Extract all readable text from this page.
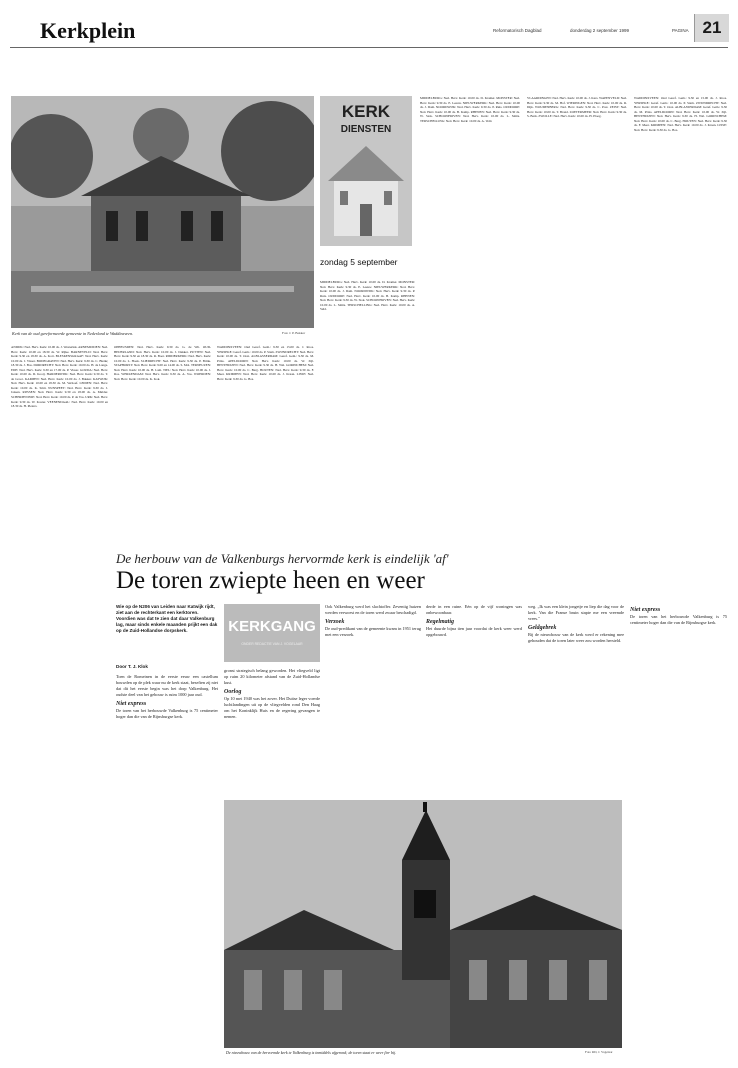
Kerkplein	Reformatorisch Dagblad	donderdag 2 september 1999	PAGINA 21
Kerk van de oud gereformeerde gemeente in Nederland te Waddinxveen.	Foto J. P. Bakker
KERK
DIENSTEN
zondag 5 september
MIDDELBURG: Ned. Herv. Kerk: 10.00 ds. D. Kramer. MONSTER: Ned. Herv. Kerk: 9.30 ds. E. Leeuw. NIEUWERKERK: Ned. Herv. Kerk: 10.00 ds. J. Dam. NOORDWIJK: Ned. Herv. Kerk: 9.30 ds. P. Ruis. OUDDORP: Ned. Herv. Kerk: 10.00 ds. B. Kamp. RHENEN: Ned. Herv. Kerk: 9.30 ds. W. Stok. SCHOONHOVEN: Ned. Herv. Kerk: 10.00 ds. L. Smits. TERSCHELLING: Ned. Herv. Kerk: 10.00 ds. A. Veld.
VLAARDINGEN: Ned. Herv. Kerk: 10.00 ds. J. Kers. WAPENVELD: Ned. Herv. Kerk: 9.30 ds. M. Hof. WIERINGEN: Ned. Herv. Kerk: 10.00 ds. R. Dijk. WOUDENBERG: Ned. Herv. Kerk: 9.30 ds. C. Post. ZEIST: Ned. Herv. Kerk: 10.00 ds. T. Brand. ZOETERMEER: Ned. Herv. Kerk: 9.30 ds. S. Berk. ZWOLLE: Ned. Herv. Kerk: 10.00 ds. H. Ploeg.
WADDINXVEEN: Oud Geref. Gem.: 9.30 en 15.00 ds. J. Roos. YERSEKE: Geref. Gem.: 10.00 ds. P. Stam. ZWIJNDRECHT: Ned. Herv. Kerk: 10.00 ds. T. Oost. ALBLASSERDAM: Geref. Gem.: 9.30 ds. M. Prins. APELDOORN: Ned. Herv. Kerk: 10.00 ds. W. Zijl. BENTHUIZEN: Ned. Herv. Kerk: 9.30 ds. H. Wal. GORINCHEM: Ned. Herv. Kerk: 10.00 ds. C. Berg. HOUTEN: Ned. Herv. Kerk: 9.30 ds. F. Meer. KRIMPEN: Ned. Herv. Kerk: 10.00 ds. J. Kraan. LISSE: Ned. Herv. Kerk: 9.30 ds. G. Bos.
ANDIJK: Ned. Herv. Kerk: 10.00 ds. J. Westerink. ARNEMUIDEN: Ned. Herv. Kerk: 10.00 en 18.30 ds. W. Rijke. BARNEVELD: Ned. Herv. Kerk: 9.30 en 18.30 ds. A. Kort. BLESKENSGRAAF: Ned. Herv. Kerk: 10.00 ds. J. Visser. BODEGRAVEN: Ned. Herv. Kerk: 9.30 ds. C. Blenk; 18.30 ds. J. Bos. DORDRECHT: Ned. Herv. Kerk: 10.00 ds. H. de Lange. EDE: Ned. Herv. Kerk: 9.30 en 17.00 ds. P. Visser. GOUDA: Ned. Herv. Kerk: 10.00 ds. D. Kooij. HARDERWIJK: Ned. Herv. Kerk: 9.30 ds. T. de Groot. KAMPEN: Ned. Herv. Kerk: 10.00 ds. J. Bakker. KATWIJK: Ned. Herv. Kerk: 10.00 en 18.30 ds. M. Verhoef. LEIDEN: Ned. Herv. Kerk: 10.00 ds. K. Smit. NUNSPEET: Ned. Herv. Kerk: 9.30 ds. J. Jansen. RIJSSEN: Ned. Herv. Kerk: 9.30 en 18.00 ds. A. Mulder. SCHERPENISSE: Ned. Herv. Kerk: 10.00 ds. P. de Vos. URK: Ned. Herv. Kerk: 9.30 ds. W. Koster. VEENENDAAL: Ned. Herv. Kerk: 10.00 en 18.30 ds. H. Pieters.
OPHEUSDEN: Ned. Herv. Kerk: 9.30 ds. G. de Wit. OUD-BEIJERLAND: Ned. Herv. Kerk: 10.00 ds. J. Dekker. PUTTEN: Ned. Herv. Kerk: 9.30 en 18.30 ds. R. Boer. RIDDERKERK: Ned. Herv. Kerk: 10.00 ds. L. Hoek. SLIEDRECHT: Ned. Herv. Kerk: 9.30 ds. P. Brink. STAPHORST: Ned. Herv. Kerk: 9.00 en 14.00 ds. S. Mol. TERNEUZEN: Ned. Herv. Kerk: 10.00 ds. H. Lam. TIEL: Ned. Herv. Kerk: 10.00 ds. J. Ros. WERKENDAM: Ned. Herv. Kerk: 9.30 ds. A. Vos. WOERDEN: Ned. Herv. Kerk: 10.00 ds. K. Kok.
WADDINXVEEN: Oud Geref. Gem.: 9.30 en 15.00 ds. J. Roos. YERSEKE: Geref. Gem.: 10.00 ds. P. Stam. ZWIJNDRECHT: Ned. Herv. Kerk: 10.00 ds. T. Oost. ALBLASSERDAM: Geref. Gem.: 9.30 ds. M. Prins. APELDOORN: Ned. Herv. Kerk: 10.00 ds. W. Zijl. BENTHUIZEN: Ned. Herv. Kerk: 9.30 ds. H. Wal. GORINCHEM: Ned. Herv. Kerk: 10.00 ds. C. Berg. HOUTEN: Ned. Herv. Kerk: 9.30 ds. F. Meer. KRIMPEN: Ned. Herv. Kerk: 10.00 ds. J. Kraan. LISSE: Ned. Herv. Kerk: 9.30 ds. G. Bos.
MIDDELBURG: Ned. Herv. Kerk: 10.00 ds. D. Kramer. MONSTER: Ned. Herv. Kerk: 9.30 ds. E. Leeuw. NIEUWERKERK: Ned. Herv. Kerk: 10.00 ds. J. Dam. NOORDWIJK: Ned. Herv. Kerk: 9.30 ds. P. Ruis. OUDDORP: Ned. Herv. Kerk: 10.00 ds. B. Kamp. RHENEN: Ned. Herv. Kerk: 9.30 ds. W. Stok. SCHOONHOVEN: Ned. Herv. Kerk: 10.00 ds. L. Smits. TERSCHELLING: Ned. Herv. Kerk: 10.00 ds. A. Veld.
De herbouw van de Valkenburgs hervormde kerk is eindelijk 'af'
De toren zwiepte heen en weer
Wie op de N206 van Leiden naar Katwijk rijdt, ziet aan de rechterkant een kerktoren. Voordien was dat te zien dat daar Valkenburg lag, maar sinds enkele maanden prijkt een dak op de Zuid-Hollandse dorpskerk.
Door T. J. Klok
KERKGANG
ONDER REDACTIE VAN J. VOGELAAR
Toen de Romeinen in de eerste eeuw een castellum bouwden op de plek waar nu de kerk staat, beseften zij niet dat dit het eerste begin was het dorp Valkenburg. Het oudste deel van het gebouw is ruim 1000 jaar oud.
Niet express
De toren van het herbouwde Valkenburg is 75 centimeter hoger dan die van de Rijnsburgse kerk.
gronst strategisch belang geworden. Het vliegveld ligt op ruim 20 kilometer afstand van de Zuid-Hollandse kust.
Oorlog
Op 10 mei 1940 was het zover. Het Duitse leger voerde luchtlandingen uit op de vliegvelden rond Den Haag om het Koninklijk Huis en de regering gevangen te nemen.
Ook Valkenburg werd het slachtoffer. Zeventig huizen werden verwoest en de toren werd zwaar beschadigd.
Verzoek
De oud-predikant van de gemeente kwam in 1951 terug met een verzoek.
derde in een ruine. Eén op de vijf woningen was onbewoonbaar.
Regelmatig
Het duurde bijna tien jaar voordat de kerk weer werd opgebouwd.
weg. „Ik was een klein jongetje en liep die dag voor de kerk. Van die Franse bruin stapte me een vreemde vrees."
Geldgebrek
Bij de nieuwbouw van de kerk werd er rekening mee gehouden dat de toren later weer zou worden hersteld.
Niet express
De toren van het herbouwde Valkenburg is 75 centimeter hoger dan die van de Rijnsburgse kerk.
De nieuwbouw van de hervormde kerk te Valkenburg is inmiddels afgerond; de toren staat er weer fier bij.	Foto RD, J. Vogelaar
